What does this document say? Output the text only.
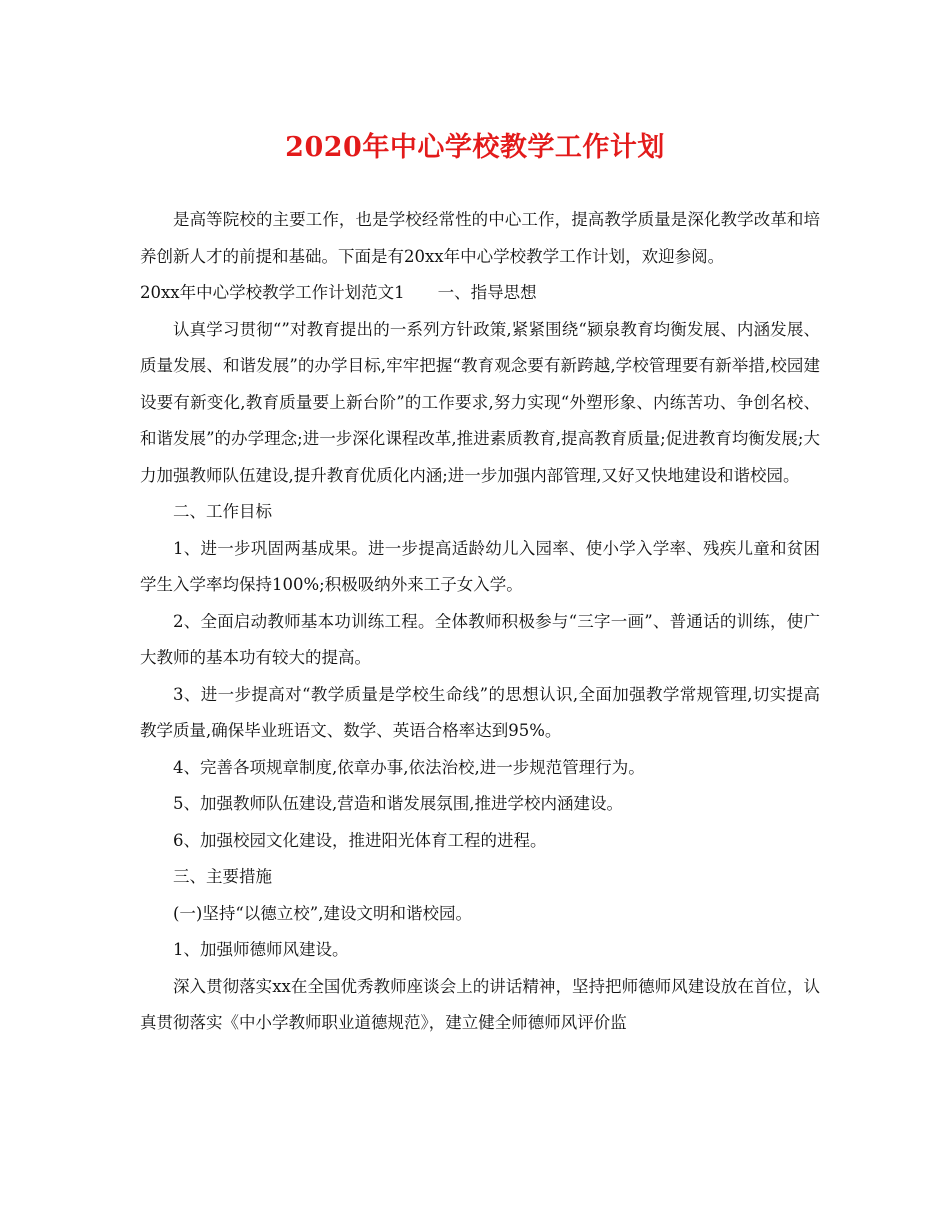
2020年中心学校教学工作计划

是高等院校的主要工作，也是学校经常性的中心工作，提高教学质量是深化教学改革和培养创新人才的前提和基础。下面是有20xx年中心学校教学工作计划，欢迎参阅。

20xx年中心学校教学工作计划范文1　　一、指导思想

认真学习贯彻“”对教育提出的一系列方针政策,紧紧围绕“颍泉教育均衡发展、内涵发展、质量发展、和谐发展”的办学目标,牢牢把握“教育观念要有新跨越,学校管理要有新举措,校园建设要有新变化,教育质量要上新台阶”的工作要求,努力实现“外塑形象、内练苦功、争创名校、和谐发展”的办学理念;进一步深化课程改革,推进素质教育,提高教育质量;促进教育均衡发展;大力加强教师队伍建设,提升教育优质化内涵;进一步加强内部管理,又好又快地建设和谐校园。

二、工作目标

1、进一步巩固两基成果。进一步提高适龄幼儿入园率、使小学入学率、残疾儿童和贫困学生入学率均保持100%;积极吸纳外来工子女入学。

2、全面启动教师基本功训练工程。全体教师积极参与“三字一画”、普通话的训练，使广大教师的基本功有较大的提高。

3、进一步提高对“教学质量是学校生命线”的思想认识,全面加强教学常规管理,切实提高教学质量,确保毕业班语文、数学、英语合格率达到95%。

4、完善各项规章制度,依章办事,依法治校,进一步规范管理行为。

5、加强教师队伍建设,营造和谐发展氛围,推进学校内涵建设。

6、加强校园文化建设，推进阳光体育工程的进程。

三、主要措施

(一)坚持“以德立校”,建设文明和谐校园。

1、加强师德师风建设。

深入贯彻落实xx在全国优秀教师座谈会上的讲话精神，坚持把师德师风建设放在首位，认真贯彻落实《中小学教师职业道德规范》，建立健全师德师风评价监
